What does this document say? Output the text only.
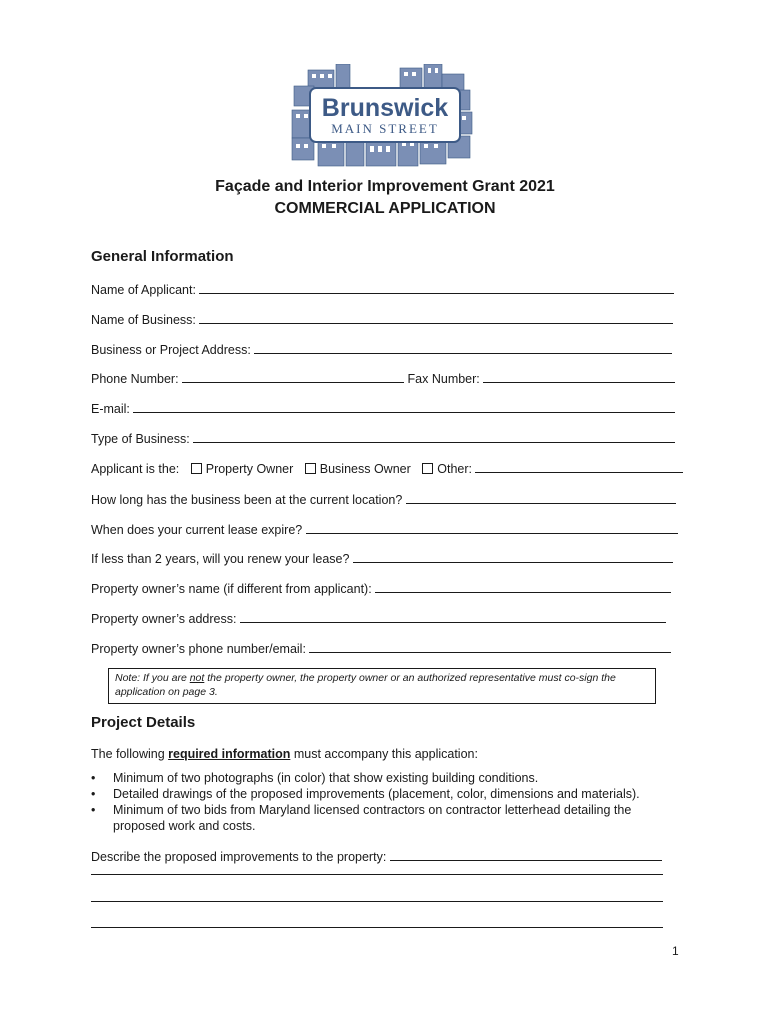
Brunswick
MAIN STREET
Façade and Interior Improvement Grant 2021
COMMERCIAL APPLICATION
General Information
Name of Applicant:
Name of Business:
Business or Project Address:
Phone Number:	Fax Number:
E-mail:
Type of Business:
Applicant is the: Property Owner Business Owner Other:
How long has the business been at the current location?
When does your current lease expire?
If less than 2 years, will you renew your lease?
Property owner’s name (if different from applicant):
Property owner’s address:
Property owner’s phone number/email:
Note: If you are not the property owner, the property owner or an authorized representative must co-sign the application on page 3.
Project Details
The following required information must accompany this application:
• Minimum of two photographs (in color) that show existing building conditions.
• Detailed drawings of the proposed improvements (placement, color, dimensions and materials).
• Minimum of two bids from Maryland licensed contractors on contractor letterhead detailing the proposed work and costs.
Describe the proposed improvements to the property:
1
